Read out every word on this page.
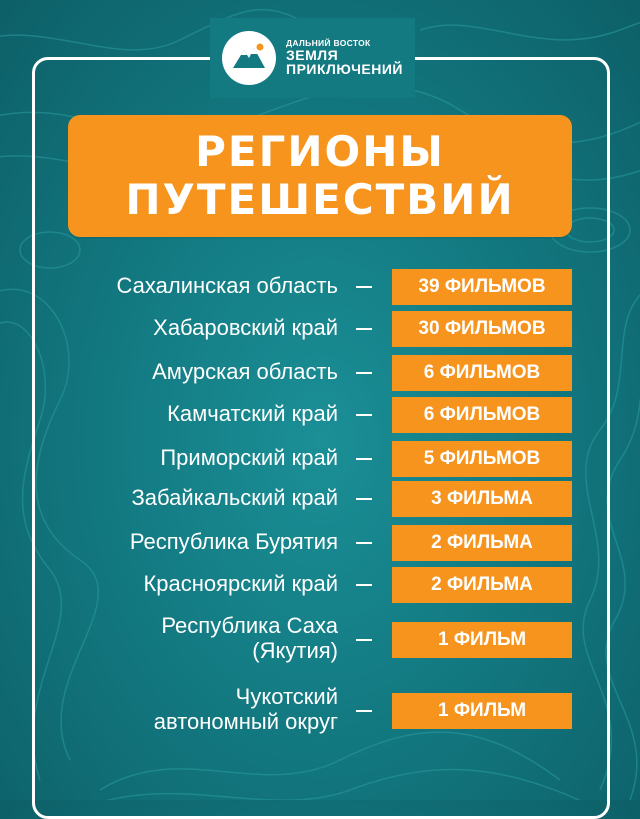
ДАЛЬНИЙ ВОСТОК
ЗЕМЛЯ
ПРИКЛЮЧЕНИЙ
РЕГИОНЫ
ПУТЕШЕСТВИЙ
Сахалинская область	39 ФИЛЬМОВ
Хабаровский край	30 ФИЛЬМОВ
Амурская область	6 ФИЛЬМОВ
Камчатский край	6 ФИЛЬМОВ
Приморский край	5 ФИЛЬМОВ
Забайкальский край	3 ФИЛЬМА
Республика Бурятия	2 ФИЛЬМА
Красноярский край	2 ФИЛЬМА
Республика Саха
(Якутия)	1 ФИЛЬМ
Чукотский
автономный округ	1 ФИЛЬМ
